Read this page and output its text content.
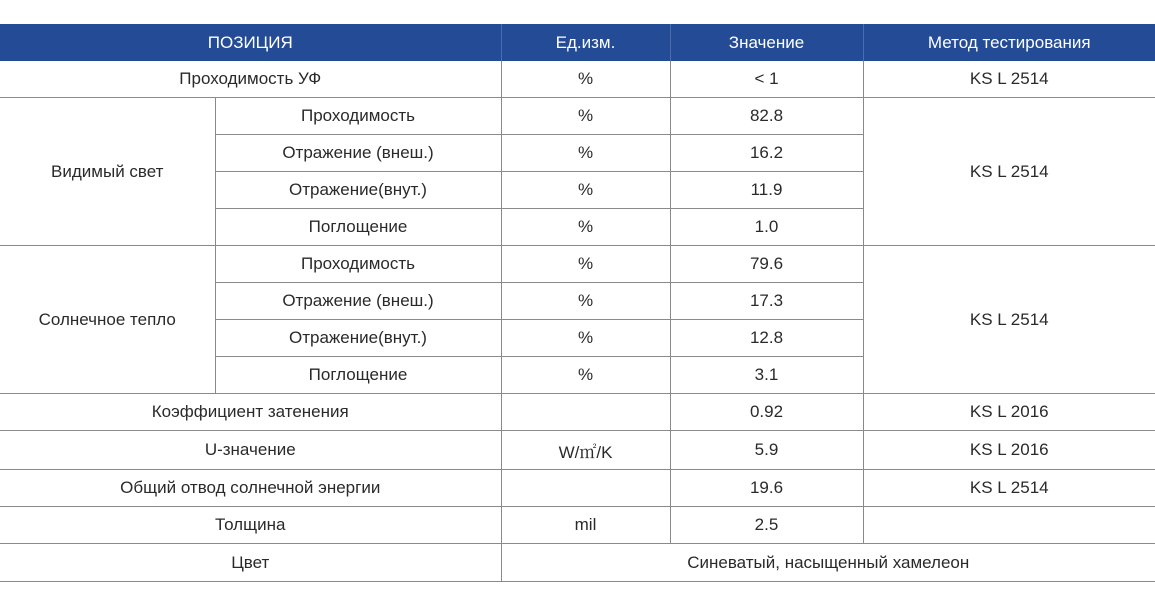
ПОЗИЦИЯ		Ед.изм.	Значение	Метод тестирования
Проходимость УФ		%	< 1	KS L 2514
Видимый свет	Проходимость	%	82.8	KS L 2514
	Отражение (внеш.)	%	16.2	
	Отражение(внут.)	%	11.9	
	Поглощение	%	1.0	
Солнечное тепло	Проходимость	%	79.6	KS L 2514
	Отражение (внеш.)	%	17.3	
	Отражение(внут.)	%	12.8	
	Поглощение	%	3.1	
Коэффициент затенения			0.92	KS L 2016
U-значение		W/㎡/K	5.9	KS L 2016
Общий отвод солнечной энергии			19.6	KS L 2514
Толщина		mil	2.5	
Цвет		Синеватый, насыщенный хамелеон		
